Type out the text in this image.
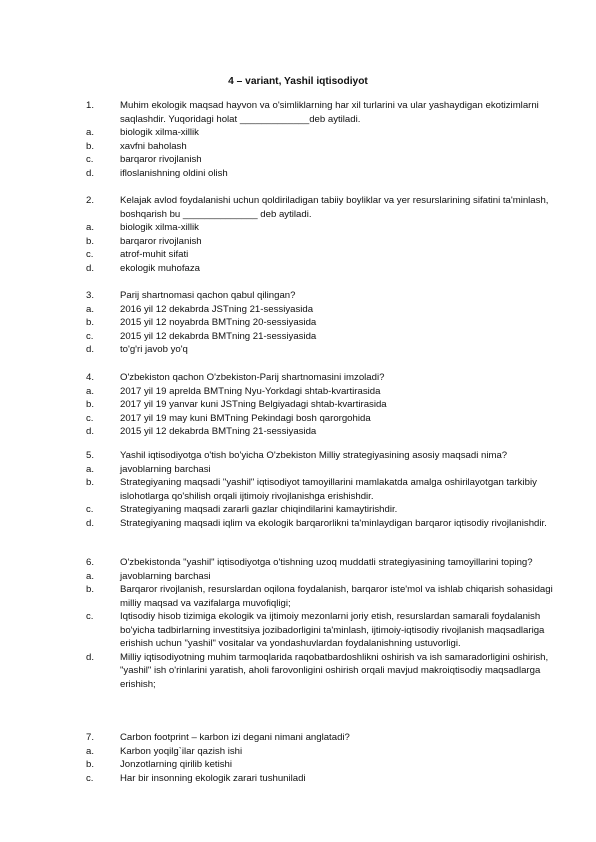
4 – variant, Yashil iqtisodiyot
1.	Muhim ekologik maqsad hayvon va o'simliklarning har xil turlarini va ular yashaydigan ekotizimlarni saqlashdir. Yuqoridagi holat _____________deb aytiladi.
a.	biologik xilma-xillik
b.	xavfni baholash
c.	barqaror rivojlanish
d.	ifloslanishning oldini olish
2.	Kelajak avlod foydalanishi uchun qoldiriladigan tabiiy boyliklar va yer resurslarining sifatini ta'minlash, boshqarish bu ______________ deb aytiladi.
a.	biologik xilma-xillik
b.	barqaror rivojlanish
c.	atrof-muhit sifati
d.	ekologik muhofaza
3.	Parij shartnomasi qachon qabul qilingan?
a.	2016 yil 12 dekabrda JSTning 21-sessiyasida
b.	2015 yil 12 noyabrda BMTning 20-sessiyasida
c.	2015 yil 12 dekabrda BMTning 21-sessiyasida
d.	to'g'ri javob yo'q
4.	O'zbekiston qachon O'zbekiston-Parij shartnomasini imzoladi?
a.	2017 yil 19 aprelda BMTning Nyu-Yorkdagi shtab-kvartirasida
b.	2017 yil 19 yanvar kuni JSTning Belgiyadagi shtab-kvartirasida
c.	2017 yil 19 may kuni BMTning Pekindagi bosh qarorgohida
d.	2015 yil 12 dekabrda BMTning 21-sessiyasida
5.	Yashil iqtisodiyotga o'tish bo'yicha O'zbekiston Milliy strategiyasining asosiy maqsadi nima?
a.	javoblarning barchasi
b.	Strategiyaning maqsadi "yashil" iqtisodiyot tamoyillarini mamlakatda amalga oshirilayotgan tarkibiy islohotlarga qo'shilish orqali ijtimoiy rivojlanishga erishishdir.
c.	Strategiyaning maqsadi zararli gazlar chiqindilarini kamaytirishdir.
d.	Strategiyaning maqsadi iqlim va ekologik barqarorlikni ta'minlaydigan barqaror iqtisodiy rivojlanishdir.
6.	O'zbekistonda "yashil" iqtisodiyotga o'tishning uzoq muddatli strategiyasining tamoyillarini toping?
a.	javoblarning barchasi
b.	Barqaror rivojlanish, resurslardan oqilona foydalanish, barqaror iste'mol va ishlab chiqarish sohasidagi milliy maqsad va vazifalarga muvofiqligi;
c.	Iqtisodiy hisob tizimiga ekologik va ijtimoiy mezonlarni joriy etish, resurslardan samarali foydalanish bo'yicha tadbirlarning investitsiya jozibadorligini ta'minlash, ijtimoiy-iqtisodiy rivojlanish maqsadlariga erishish uchun "yashil" vositalar va yondashuvlardan foydalanishning ustuvorligi.
d.	Milliy iqtisodiyotning muhim tarmoqlarida raqobatbardoshlikni oshirish va ish samaradorligini oshirish, "yashil" ish o'rinlarini yaratish, aholi farovonligini oshirish orqali mavjud makroiqtisodiy maqsadlarga erishish;
7.	Carbon footprint – karbon izi degani nimani anglatadi?
a.	Karbon yoqilg`ilar qazish ishi
b.	Jonzotlarning qirilib ketishi
c.	Har bir insonning ekologik zarari tushuniladi
